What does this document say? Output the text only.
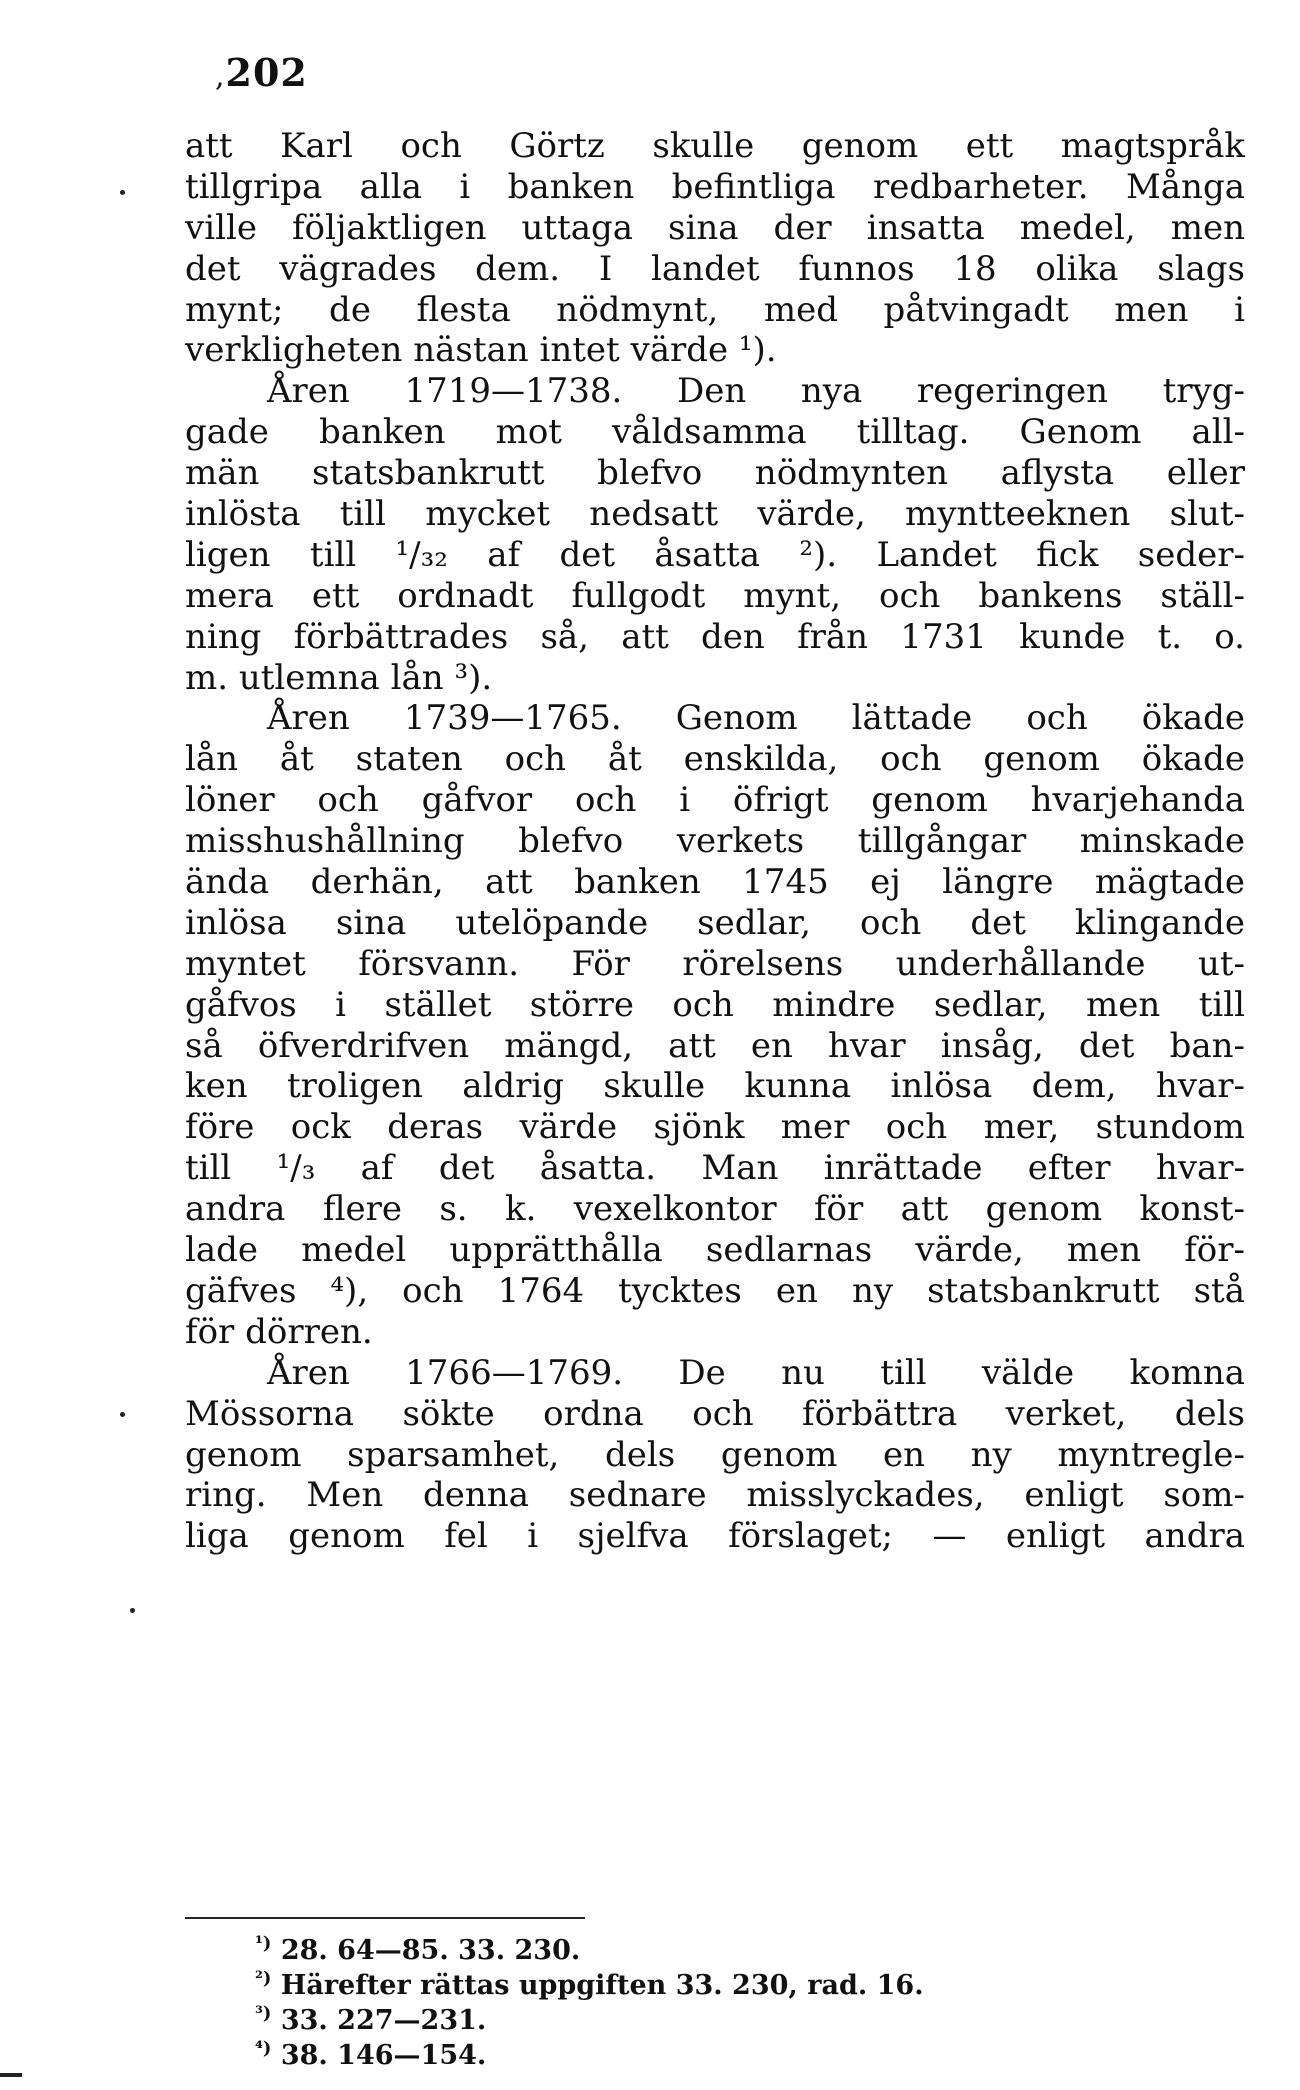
,202
att Karl och Görtz skulle genom ett magtspråk
tillgripa alla i banken befintliga redbarheter. Många
ville följaktligen uttaga sina der insatta medel, men
det vägrades dem. I landet funnos 18 olika slags
mynt; de flesta nödmynt, med påtvingadt men i
verkligheten nästan intet värde ¹).
Åren 1719—1738. Den nya regeringen tryg-
gade banken mot våldsamma tilltag. Genom all-
män statsbankrutt blefvo nödmynten aflysta eller
inlösta till mycket nedsatt värde, myntteeknen slut-
ligen till ¹/₃₂ af det åsatta ²). Landet fick seder-
mera ett ordnadt fullgodt mynt, och bankens ställ-
ning förbättrades så, att den från 1731 kunde t. o.
m. utlemna lån ³).
Åren 1739—1765. Genom lättade och ökade
lån åt staten och åt enskilda, och genom ökade
löner och gåfvor och i öfrigt genom hvarjehanda
misshushållning blefvo verkets tillgångar minskade
ända derhän, att banken 1745 ej längre mägtade
inlösa sina utelöpande sedlar, och det klingande
myntet försvann. För rörelsens underhållande ut-
gåfvos i stället större och mindre sedlar, men till
så öfverdrifven mängd, att en hvar insåg, det ban-
ken troligen aldrig skulle kunna inlösa dem, hvar-
före ock deras värde sjönk mer och mer, stundom
till ¹/₃ af det åsatta. Man inrättade efter hvar-
andra flere s. k. vexelkontor för att genom konst-
lade medel upprätthålla sedlarnas värde, men för-
gäfves ⁴), och 1764 tycktes en ny statsbankrutt stå
för dörren.
Åren 1766—1769. De nu till välde komna
Mössorna sökte ordna och förbättra verket, dels
genom sparsamhet, dels genom en ny myntregle-
ring. Men denna sednare misslyckades, enligt som-
liga genom fel i sjelfva förslaget; — enligt andra
$^{^1)}$ 28. 64—85. 33. 230.
$^{^2)}$ Härefter rättas uppgiften 33. 230, rad. 16.
$^{^3)}$ 33. 227—231.
$^{^4)}$ 38. 146—154.
